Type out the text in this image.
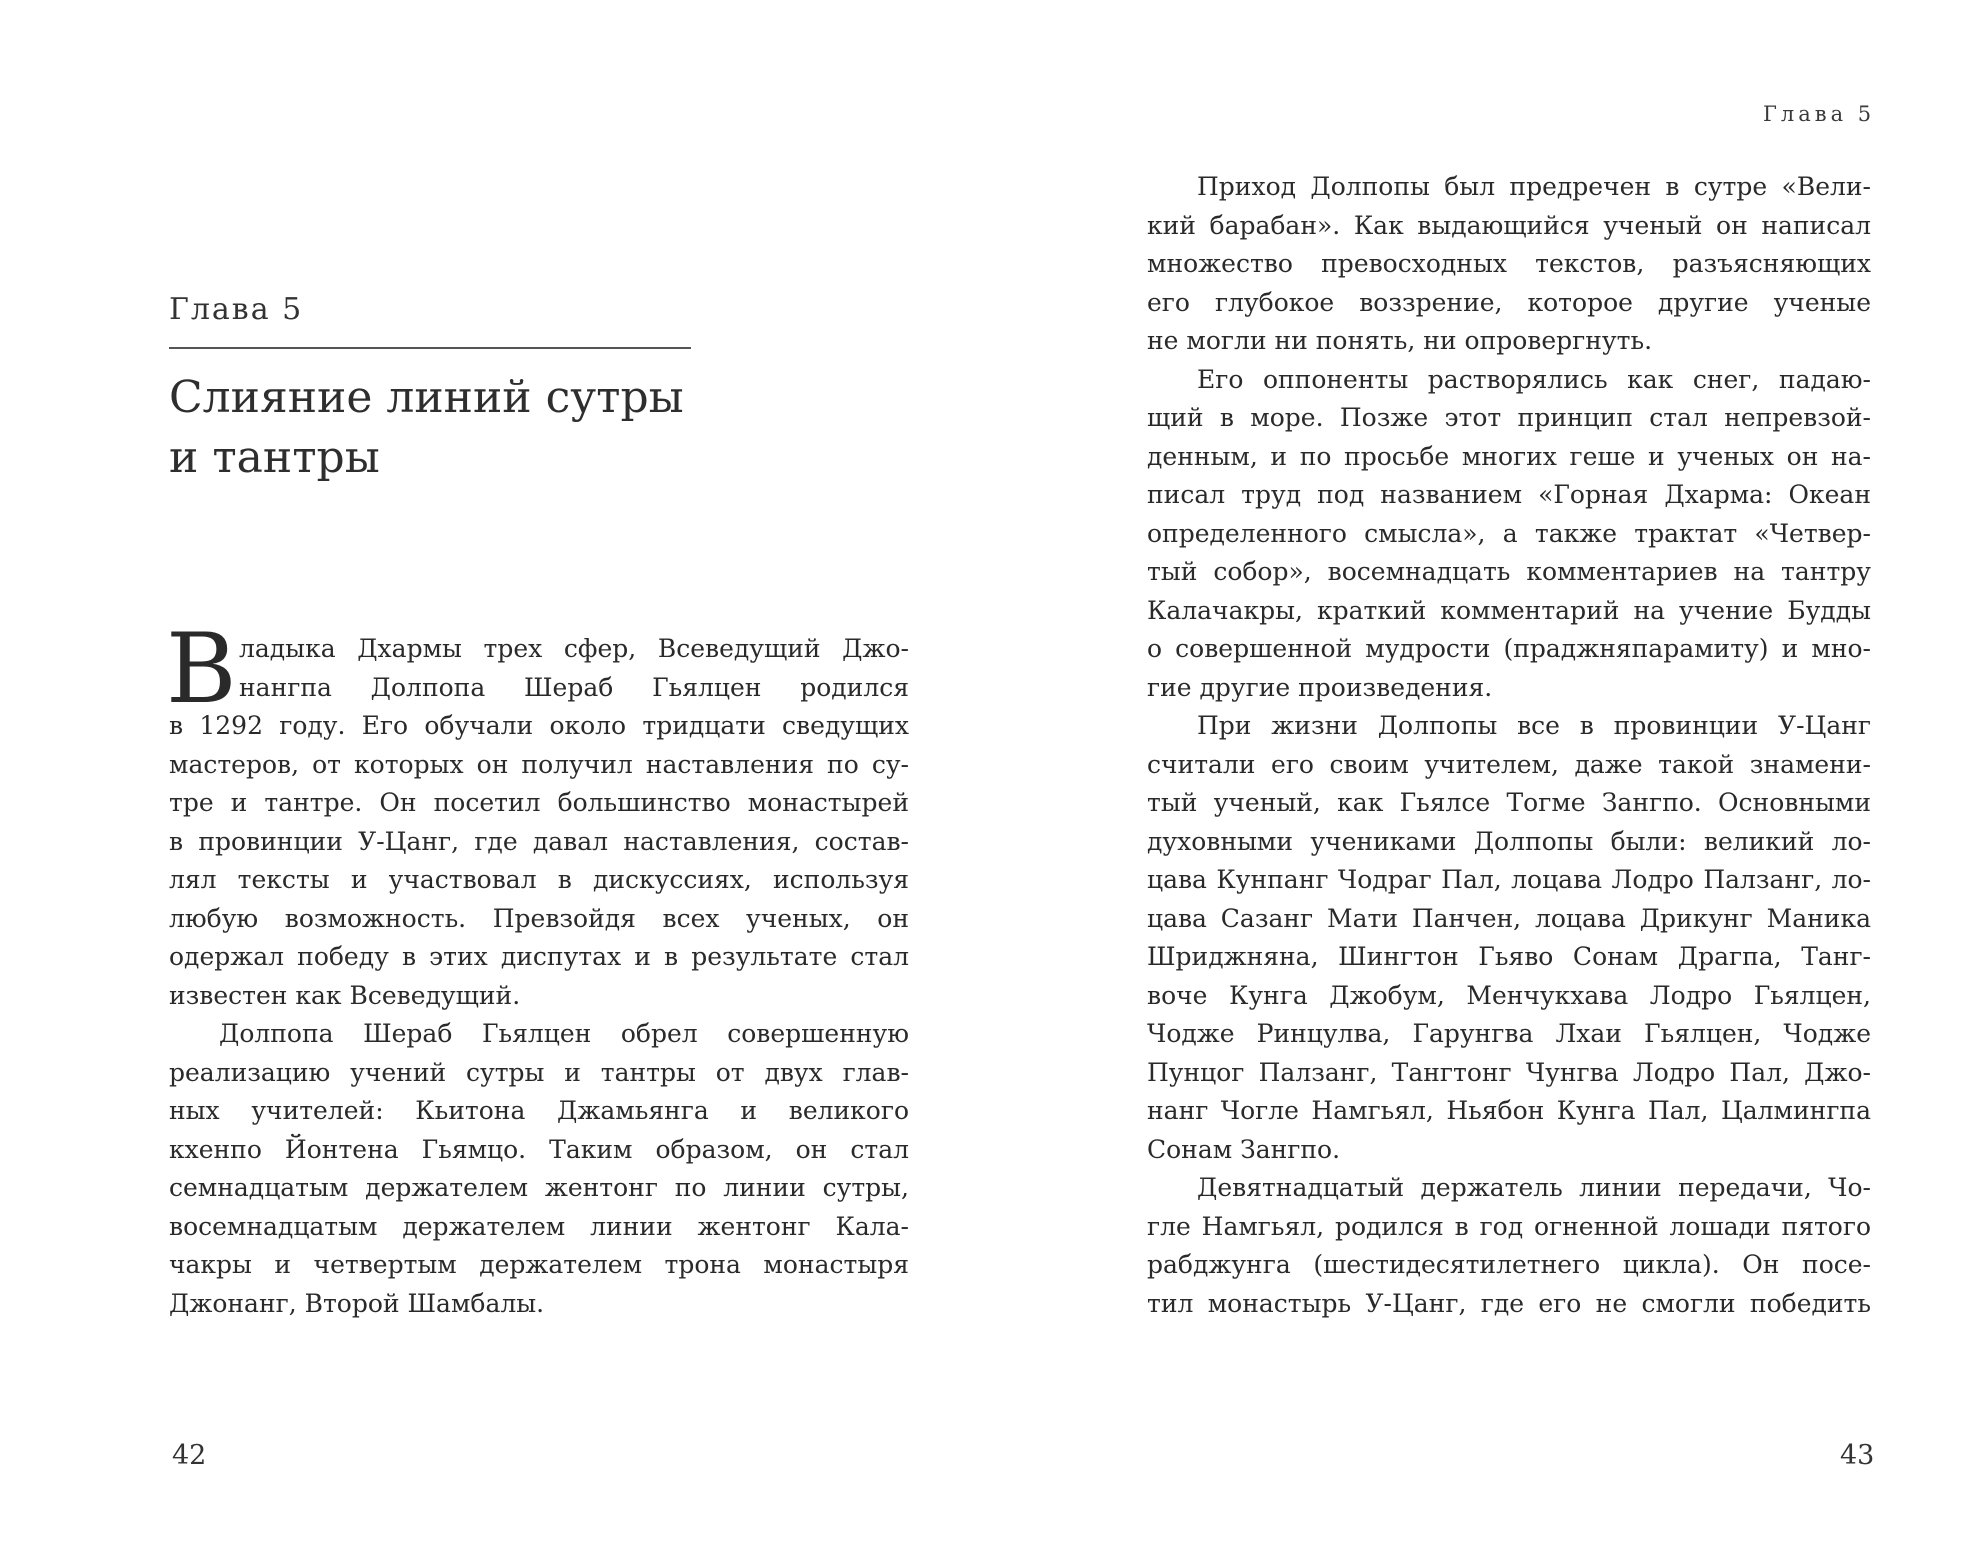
Глава 5
Глава 5
Слияние линий сутры
и тантры
В ладыка Дхармы трех сфер, Всеведущий Джо-
нангпа Долпопа Шераб Гьялцен родился
в 1292 году. Его обучали около тридцати сведущих
мастеров, от которых он получил наставления по су-
тре и тантре. Он посетил большинство монастырей
в провинции У-Цанг, где давал наставления, состав-
лял тексты и участвовал в дискуссиях, используя
любую возможность. Превзойдя всех ученых, он
одержал победу в этих диспутах и в результате стал
известен как Всеведущий.
Долпопа Шераб Гьялцен обрел совершенную
реализацию учений сутры и тантры от двух глав-
ных учителей: Кьитона Джамьянга и великого
кхенпо Йонтена Гьямцо. Таким образом, он стал
семнадцатым держателем жентонг по линии сутры,
восемнадцатым держателем линии жентонг Кала-
чакры и четвертым держателем трона монастыря
Джонанг, Второй Шамбалы.
Приход Долпопы был предречен в сутре «Вели-
кий барабан». Как выдающийся ученый он написал
множество превосходных текстов, разъясняющих
его глубокое воззрение, которое другие ученые
не могли ни понять, ни опровергнуть.
Его оппоненты растворялись как снег, падаю-
щий в море. Позже этот принцип стал непревзой-
денным, и по просьбе многих геше и ученых он на-
писал труд под названием «Горная Дхарма: Океан
определенного смысла», а также трактат «Четвер-
тый собор», восемнадцать комментариев на тантру
Калачакры, краткий комментарий на учение Будды
о совершенной мудрости (праджняпарамиту) и мно-
гие другие произведения.
При жизни Долпопы все в провинции У-Цанг
считали его своим учителем, даже такой знамени-
тый ученый, как Гьялсе Тогме Зангпо. Основными
духовными учениками Долпопы были: великий ло-
цава Кунпанг Чодраг Пал, лоцава Лодро Палзанг, ло-
цава Сазанг Мати Панчен, лоцава Дрикунг Маника
Шриджняна, Шингтон Гьяво Сонам Драгпа, Танг-
воче Кунга Джобум, Менчукхава Лодро Гьялцен,
Чодже Ринцулва, Гарунгва Лхаи Гьялцен, Чодже
Пунцог Палзанг, Тангтонг Чунгва Лодро Пал, Джо-
нанг Чогле Намгьял, Ньябон Кунга Пал, Цалмингпа
Сонам Зангпо.
Девятнадцатый держатель линии передачи, Чо-
гле Намгьял, родился в год огненной лошади пятого
рабджунга (шестидесятилетнего цикла). Он посе-
тил монастырь У-Цанг, где его не смогли победить
42	43
